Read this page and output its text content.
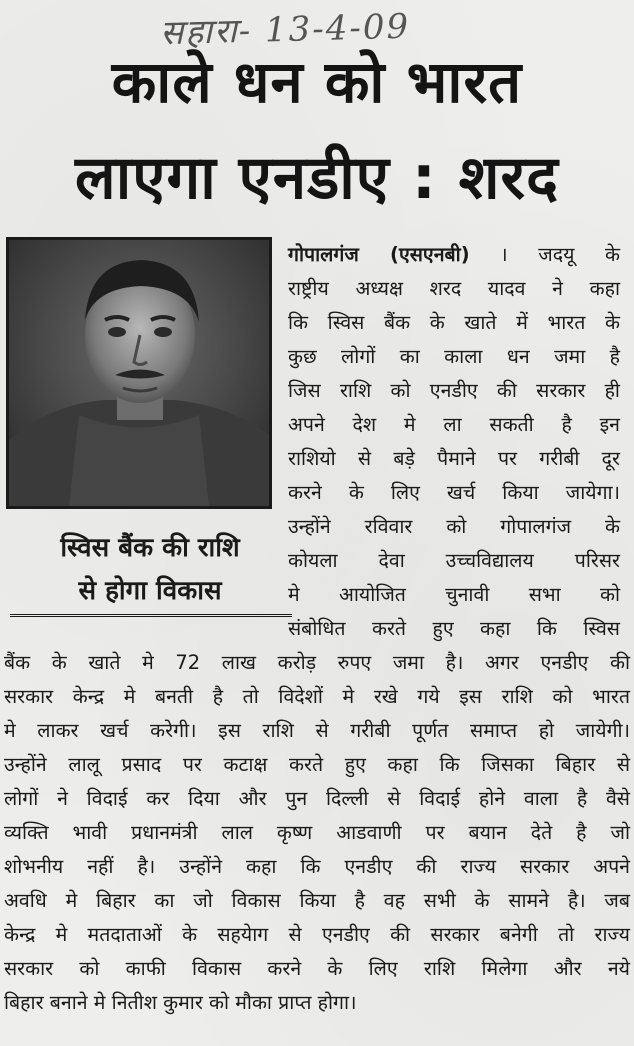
सहारा- 13-4-09
काले धन को भारत
लाएगा एनडीए : शरद
स्विस बैंक की राशि
से होगा विकास
गोपालगंज (एसएनबी) । जदयू के
राष्ट्रीय अध्यक्ष शरद यादव ने कहा
कि स्विस बैंक के खाते में भारत के
कुछ लोगों का काला धन जमा है
जिस राशि को एनडीए की सरकार ही
अपने देश मे ला सकती है इन
राशियो से बड़े पैमाने पर गरीबी दूर
करने के लिए खर्च किया जायेगा।
उन्होंने रविवार को गोपालगंज के
कोयला देवा उच्चविद्यालय परिसर
मे आयोजित चुनावी सभा को
संबोधित करते हुए कहा कि स्विस
बैंक के खाते मे 72 लाख करोड़ रुपए जमा है। अगर एनडीए की
सरकार केन्द्र मे बनती है तो विदेशों मे रखे गये इस राशि को भारत
मे लाकर खर्च करेगी। इस राशि से गरीबी पूर्णत समाप्त हो जायेगी।
उन्होंने लालू प्रसाद पर कटाक्ष करते हुए कहा कि जिसका बिहार से
लोगों ने विदाई कर दिया और पुन दिल्ली से विदाई होने वाला है वैसे
व्यक्ति भावी प्रधानमंत्री लाल कृष्ण आडवाणी पर बयान देते है जो
शोभनीय नहीं है। उन्होंने कहा कि एनडीए की राज्य सरकार अपने
अवधि मे बिहार का जो विकास किया है वह सभी के सामने है। जब
केन्द्र मे मतदाताओं के सहयेाग से एनडीए की सरकार बनेगी तो राज्य
सरकार को काफी विकास करने के लिए राशि मिलेगा और नये
बिहार बनाने मे नितीश कुमार को मौका प्राप्त होगा।
